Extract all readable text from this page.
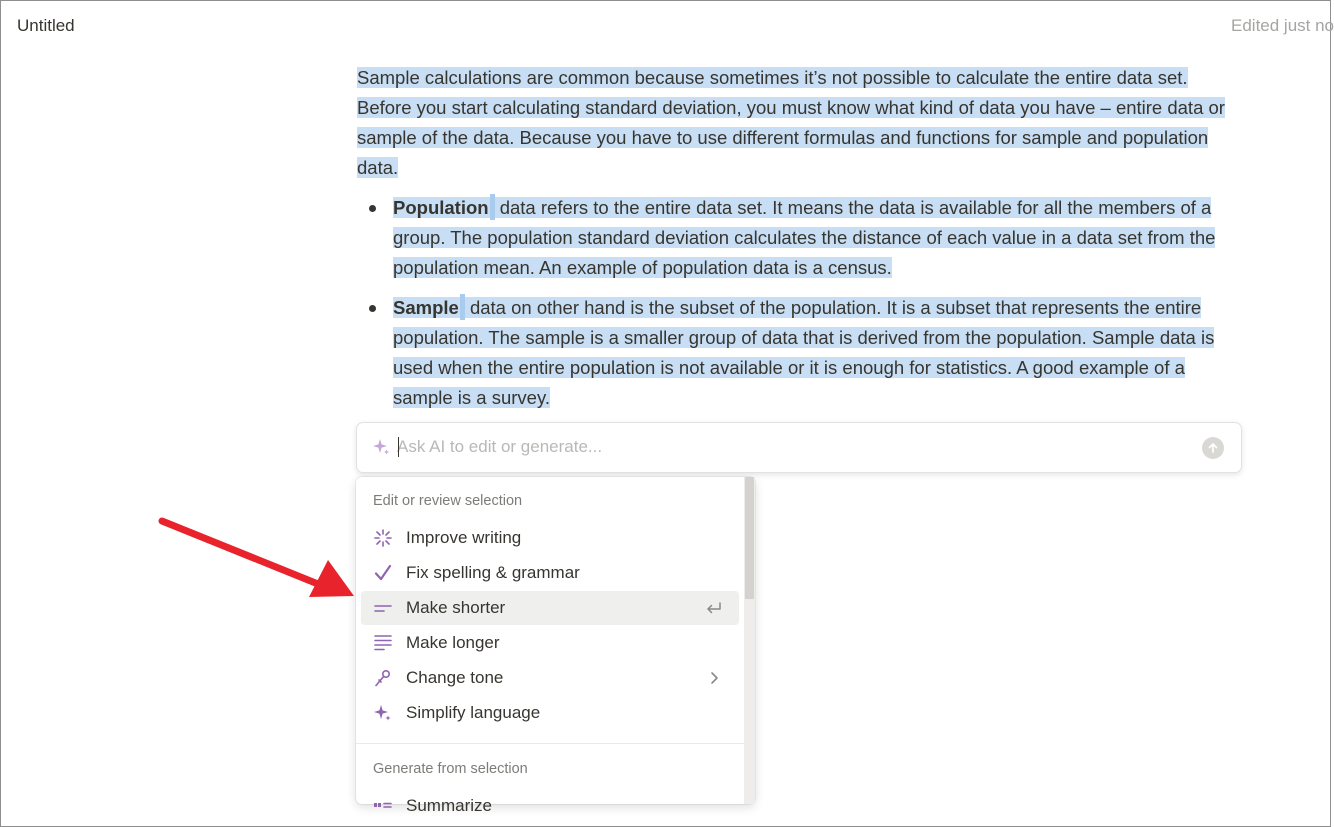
Untitled	Edited just no

Sample calculations are common because sometimes it’s not possible to calculate the entire data set. Before you start calculating standard deviation, you must know what kind of data you have – entire data or sample of the data. Because you have to use different formulas and functions for sample and population data.

Population data refers to the entire data set. It means the data is available for all the members of a group. The population standard deviation calculates the distance of each value in a data set from the population mean. An example of population data is a census.
Sample data on other hand is the subset of the population. It is a subset that represents the entire population. The sample is a smaller group of data that is derived from the population. Sample data is used when the entire population is not available or it is enough for statistics. A good example of a sample is a survey.
Ask AI to edit or generate...
Edit or review selection
Improve writing
Fix spelling & grammar
Make shorter
Make longer
Change tone
Simplify language
Generate from selection
Summarize
